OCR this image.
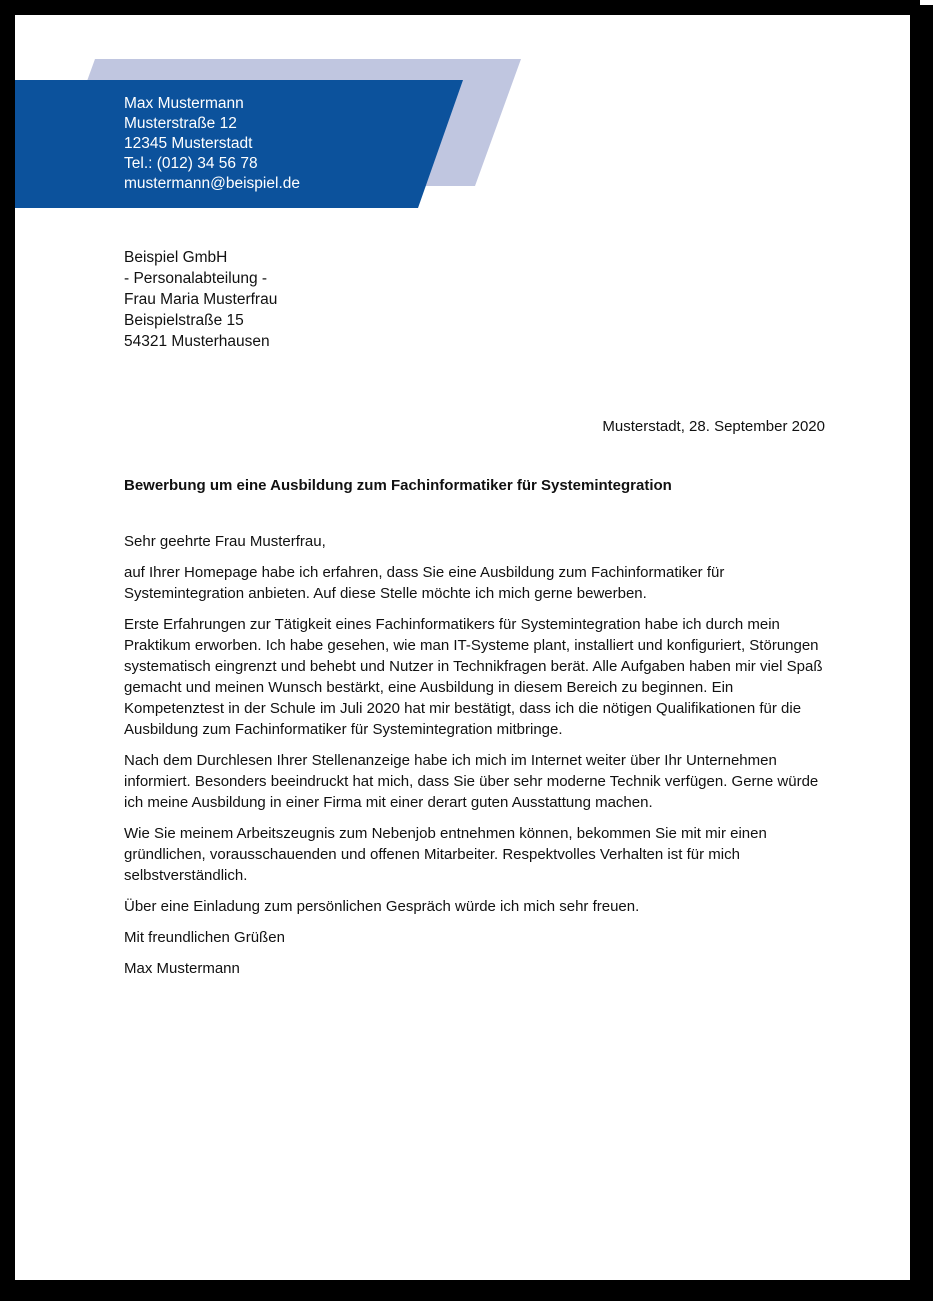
Max Mustermann
Musterstraße 12
12345 Musterstadt
Tel.: (012) 34 56 78
mustermann@beispiel.de
Beispiel GmbH
- Personalabteilung -
Frau Maria Musterfrau
Beispielstraße 15
54321 Musterhausen
Musterstadt, 28. September 2020
Bewerbung um eine Ausbildung zum Fachinformatiker für Systemintegration

Sehr geehrte Frau Musterfrau,

auf Ihrer Homepage habe ich erfahren, dass Sie eine Ausbildung zum Fachinformatiker für Systemintegration anbieten. Auf diese Stelle möchte ich mich gerne bewerben.

Erste Erfahrungen zur Tätigkeit eines Fachinformatikers für Systemintegration habe ich durch mein Praktikum erworben. Ich habe gesehen, wie man IT-Systeme plant, installiert und konfiguriert, Störungen systematisch eingrenzt und behebt und Nutzer in Technikfragen berät. Alle Aufgaben haben mir viel Spaß gemacht und meinen Wunsch bestärkt, eine Ausbildung in diesem Bereich zu beginnen. Ein Kompetenztest in der Schule im Juli 2020 hat mir bestätigt, dass ich die nötigen Qualifikationen für die Ausbildung zum Fachinformatiker für Systemintegration mitbringe.

Nach dem Durchlesen Ihrer Stellenanzeige habe ich mich im Internet weiter über Ihr Unternehmen informiert. Besonders beeindruckt hat mich, dass Sie über sehr moderne Technik verfügen. Gerne würde ich meine Ausbildung in einer Firma mit einer derart guten Ausstattung machen.

Wie Sie meinem Arbeitszeugnis zum Nebenjob entnehmen können, bekommen Sie mit mir einen gründlichen, vorausschauenden und offenen Mitarbeiter. Respektvolles Verhalten ist für mich selbstverständlich.

Über eine Einladung zum persönlichen Gespräch würde ich mich sehr freuen.

Mit freundlichen Grüßen

Max Mustermann
